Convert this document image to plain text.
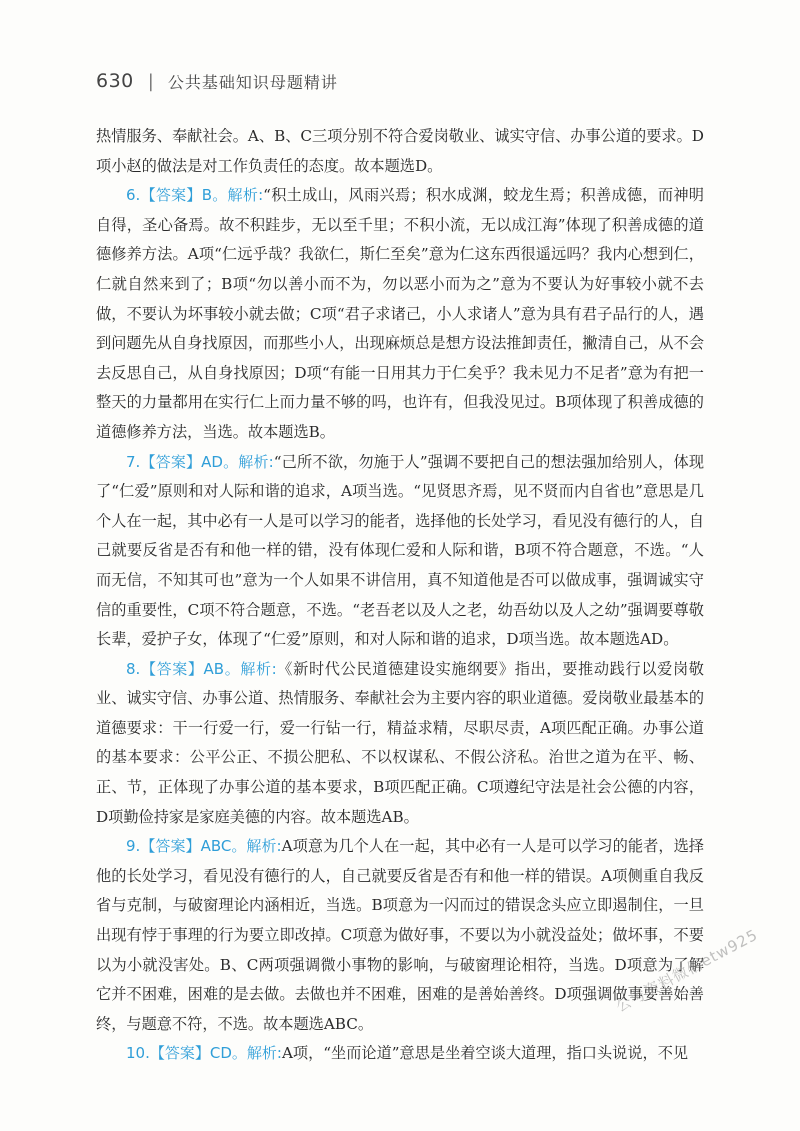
630 | 公共基础知识母题精讲

热情服务、奉献社会。A、B、C三项分别不符合爱岗敬业、诚实守信、办事公道的要求。D项小赵的做法是对工作负责任的态度。故本题选D。

6.【答案】B。解析:“积土成山，风雨兴焉；积水成渊，蛟龙生焉；积善成德，而神明自得，圣心备焉。故不积跬步，无以至千里；不积小流，无以成江海”体现了积善成德的道德修养方法。A项“仁远乎哉？我欲仁，斯仁至矣”意为仁这东西很遥远吗？我内心想到仁，仁就自然来到了；B项“勿以善小而不为，勿以恶小而为之”意为不要认为好事较小就不去做，不要认为坏事较小就去做；C项“君子求诸己，小人求诸人”意为具有君子品行的人，遇到问题先从自身找原因，而那些小人，出现麻烦总是想方设法推卸责任，撇清自己，从不会去反思自己，从自身找原因；D项“有能一日用其力于仁矣乎？我未见力不足者”意为有把一整天的力量都用在实行仁上而力量不够的吗，也许有，但我没见过。B项体现了积善成德的道德修养方法，当选。故本题选B。

7.【答案】AD。解析:“己所不欲，勿施于人”强调不要把自己的想法强加给别人，体现了“仁爱”原则和对人际和谐的追求，A项当选。“见贤思齐焉，见不贤而内自省也”意思是几个人在一起，其中必有一人是可以学习的能者，选择他的长处学习，看见没有德行的人，自己就要反省是否有和他一样的错，没有体现仁爱和人际和谐，B项不符合题意，不选。“人而无信，不知其可也”意为一个人如果不讲信用，真不知道他是否可以做成事，强调诚实守信的重要性，C项不符合题意，不选。“老吾老以及人之老，幼吾幼以及人之幼”强调要尊敬长辈，爱护子女，体现了“仁爱”原则，和对人际和谐的追求，D项当选。故本题选AD。

8.【答案】AB。解析:《新时代公民道德建设实施纲要》指出，要推动践行以爱岗敬业、诚实守信、办事公道、热情服务、奉献社会为主要内容的职业道德。爱岗敬业最基本的道德要求：干一行爱一行，爱一行钻一行，精益求精，尽职尽责，A项匹配正确。办事公道的基本要求：公平公正、不损公肥私、不以权谋私、不假公济私。治世之道为在平、畅、正、节，正体现了办事公道的基本要求，B项匹配正确。C项遵纪守法是社会公德的内容，D项勤俭持家是家庭美德的内容。故本题选AB。

9.【答案】ABC。解析:A项意为几个人在一起，其中必有一人是可以学习的能者，选择他的长处学习，看见没有德行的人，自己就要反省是否有和他一样的错误。A项侧重自我反省与克制，与破窗理论内涵相近，当选。B项意为一闪而过的错误念头应立即遏制住，一旦出现有悖于事理的行为要立即改掉。C项意为做好事，不要以为小就没益处；做坏事，不要以为小就没害处。B、C两项强调微小事物的影响，与破窗理论相符，当选。D项意为了解它并不困难，困难的是去做。去做也并不困难，困难的是善始善终。D项强调做事要善始善终，与题意不符，不选。故本题选ABC。

10.【答案】CD。解析:A项，“坐而论道”意思是坐着空谈大道理，指口头说说，不见

公考资料微信etw925
